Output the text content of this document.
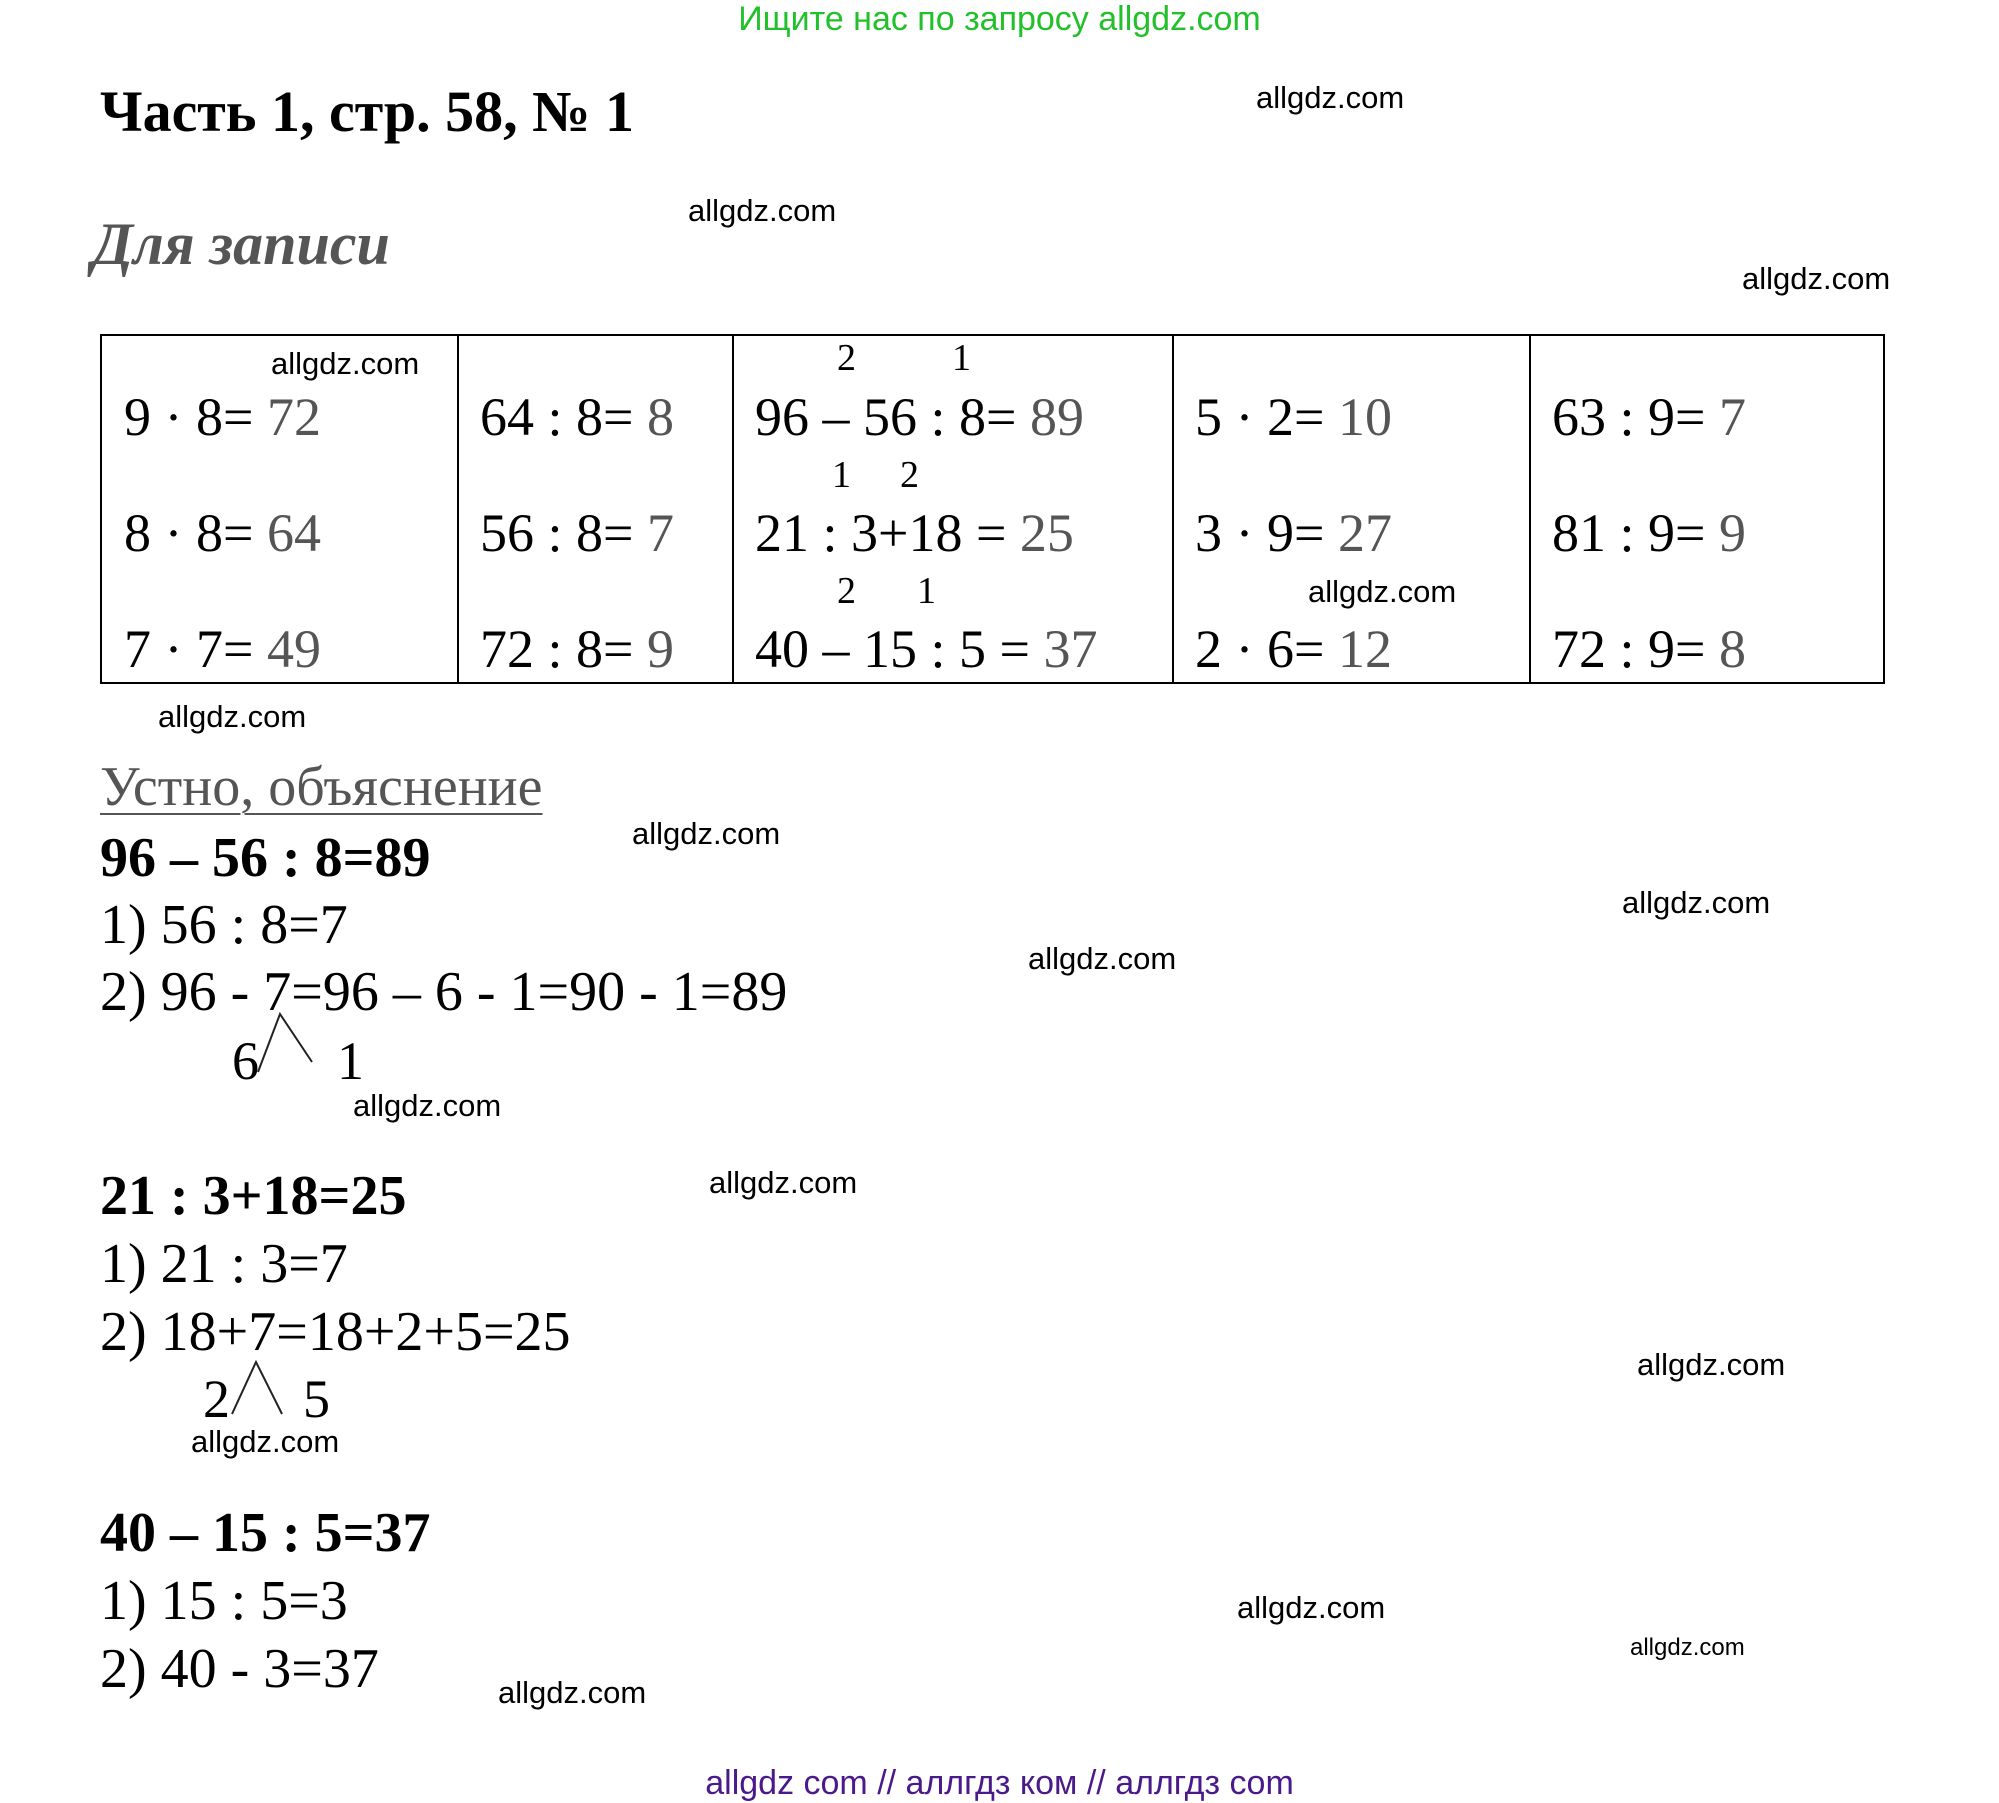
Ищите нас по запросу allgdz.com
Часть 1, стр. 58, № 1
Для записи
allgdz.com
allgdz.com
allgdz.com
9 · 8= 72
8 · 8= 64
7 · 7= 49
64 : 8= 8
56 : 8= 7
72 : 8= 9
2	1
96 – 56 : 8= 89
1 2
21 : 3+18 = 25
2 1
40 – 15 : 5 = 37
5 · 2= 10
3 · 9= 27
2 · 6= 12
63 : 9= 7
81 : 9= 9
72 : 9= 8
allgdz.com
allgdz.com
allgdz.com
Устно, объяснение
96 – 56 : 8=89
1) 56 : 8=7
2) 96 - 7=96 – 6 - 1=90 - 1=89
6 1
21 : 3+18=25
1) 21 : 3=7
2) 18+7=18+2+5=25
2 5
40 – 15 : 5=37
1) 15 : 5=3
2) 40 - 3=37
allgdz.com
allgdz.com
allgdz.com
allgdz.com
allgdz.com
allgdz.com
allgdz.com
allgdz.com
allgdz.com
allgdz.com
allgdz com // аллгдз ком // аллгдз com
